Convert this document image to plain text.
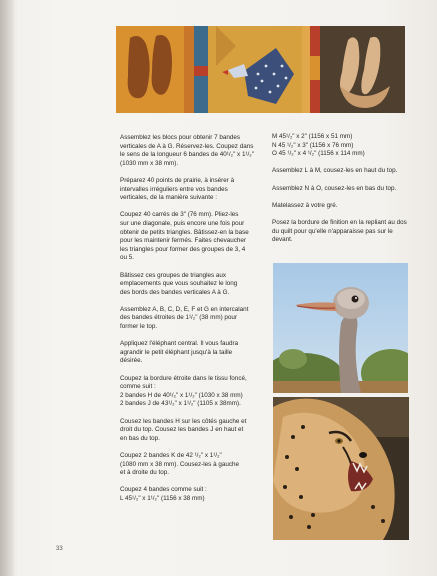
Assemblez les blocs pour obtenir 7 bandes
verticales de A à G. Réservez-les. Coupez dans
le sens de la longueur 6 bandes de 40¹/₂" x 1¹/₂"
(1030 mm x 38 mm).

Préparez 40 points de prairie, à insérer à
intervalles irréguliers entre vos bandes
verticales, de la manière suivante :

Coupez 40 carrés de 3" (76 mm). Pliez-les
sur une diagonale, puis encore une fois pour
obtenir de petits triangles. Bâtissez-en la base
pour les maintenir fermés. Faites chevaucher
les triangles pour former des groupes de 3, 4
ou 5.

Bâtissez ces groupes de triangles aux
emplacements que vous souhaitez le long
des bords des bandes verticales A à G.

Assemblez A, B, C, D, E, F et G en intercalant
des bandes étroites de 1¹/₂" (38 mm) pour
former le top.

Appliquez l'éléphant central. Il vous faudra
agrandir le petit éléphant jusqu'à la taille
désirée.

Coupez la bordure étroite dans le tissu foncé,
comme suit :
2 bandes H de 40¹/₂" x 1¹/₂" (1030 x 38 mm)
2 bandes J de 43¹/₂" x 1¹/₂" (1105 x 38mm).

Cousez les bandes H sur les côtés gauche et
droit du top. Cousez les bandes J en haut et
en bas du top.

Coupez 2 bandes K de 42 ¹/₂" x 1¹/₂"
(1080 mm x 38 mm). Cousez-les à gauche
et à droite du top.

Coupez 4 bandes comme suit :
L 45¹/₂" x 1¹/₂" (1156 x 38 mm)

M 45¹/₂" x 2" (1156 x 51 mm)
N 45 ¹/₂" x 3" (1156 x 76 mm)
O 45 ¹/₂" x 4 ¹/₂" (1156 x 114 mm)

Assemblez L à M, cousez-les en haut du top.

Assemblez N à O, cousez-les en bas du top.

Matelassez à votre gré.

Posez la bordure de finition en la repliant au dos
du quilt pour qu'elle n'apparaisse pas sur le
devant.

33
